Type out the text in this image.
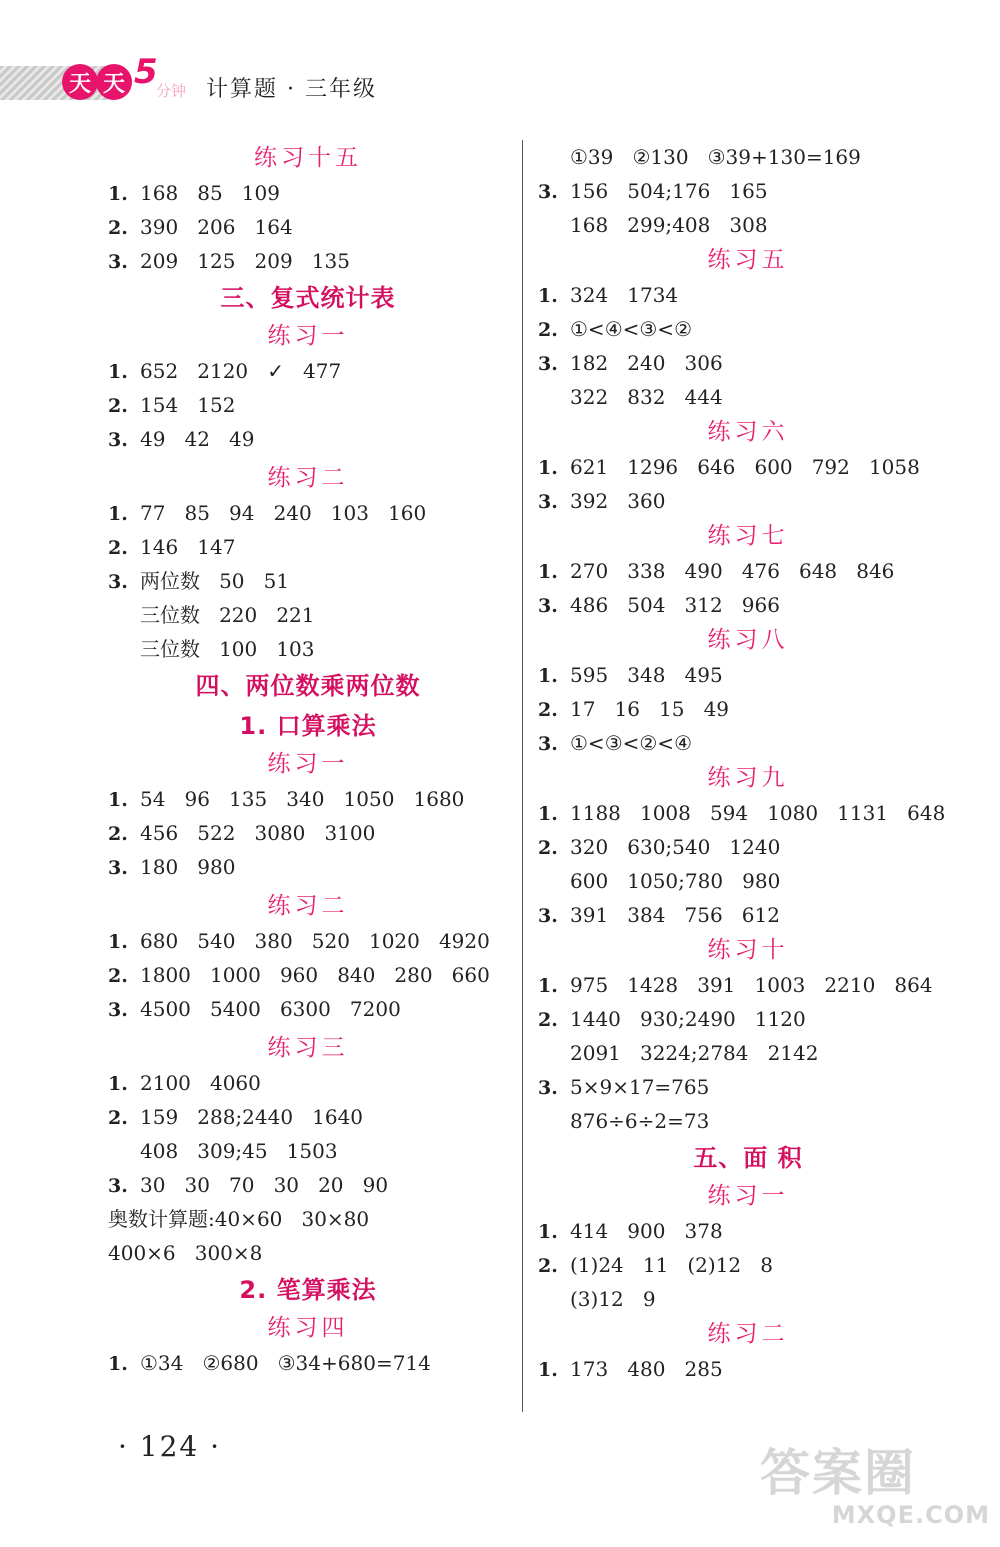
天 天 5
分钟 计算题 · 三年级
练习十五
1. 168   85   109
2. 390   206   164
3. 209   125   209   135
三、复式统计表
练习一
1. 652   2120   ✓   477
2. 154   152
3. 49   42   49
练习二
1. 77   85   94   240   103   160
2. 146   147
3. 两位数   50   51
三位数   220   221
三位数   100   103
四、两位数乘两位数
1. 口算乘法
练习一
1. 54   96   135   340   1050   1680
2. 456   522   3080   3100
3. 180   980
练习二
1. 680   540   380   520   1020   4920
2. 1800   1000   960   840   280   660
3. 4500   5400   6300   7200
练习三
1. 2100   4060
2. 159   288;2440   1640
408   309;45   1503
3. 30   30   70   30   20   90
奥数计算题:40×60   30×80
400×6   300×8
2. 笔算乘法
练习四
1. ①34   ②680   ③34+680=714
①39   ②130   ③39+130=169
3. 156   504;176   165
168   299;408   308
练习五
1. 324   1734
2. ①<④<③<②
3. 182   240   306
322   832   444
练习六
1. 621   1296   646   600   792   1058
3. 392   360
练习七
1. 270   338   490   476   648   846
3. 486   504   312   966
练习八
1. 595   348   495
2. 17   16   15   49
3. ①<③<②<④
练习九
1. 1188   1008   594   1080   1131   648
2. 320   630;540   1240
600   1050;780   980
3. 391   384   756   612
练习十
1. 975   1428   391   1003   2210   864
2. 1440   930;2490   1120
2091   3224;2784   2142
3. 5×9×17=765
876÷6÷2=73
五、面 积
练习一
1. 414   900   378
2. (1)24   11   (2)12   8
(3)12   9
练习二
1. 173   480   285
· 124 ·	答案圈
MXQE.COM
